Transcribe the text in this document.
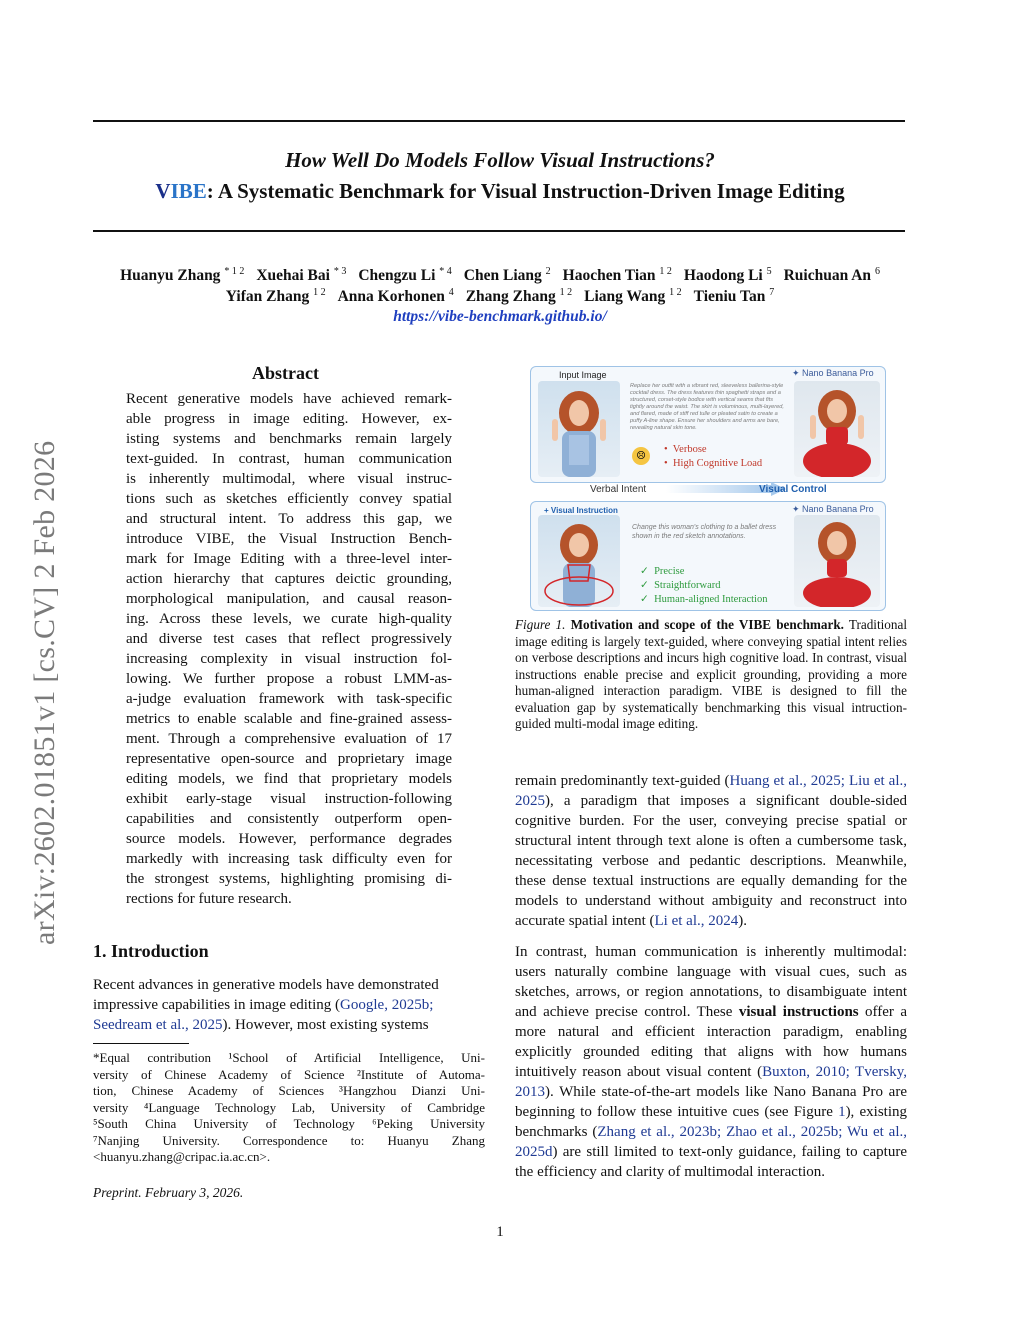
How Well Do Models Follow Visual Instructions?
VIBE: A Systematic Benchmark for Visual Instruction-Driven Image Editing
Huanyu Zhang $^{* 1 2}$ Xuehai Bai $^{* 3}$ Chengzu Li $^{* 4}$ Chen Liang $^2$ Haochen Tian $^{1 2}$ Haodong Li $^5$ Ruichuan An $^6$
Yifan Zhang $^{1 2}$ Anna Korhonen $^4$ Zhang Zhang $^{1 2}$ Liang Wang $^{1 2}$ Tieniu Tan $^7$
https://vibe-benchmark.github.io/
arXiv:2602.01851v1 [cs.CV] 2 Feb 2026
Abstract
Recent generative models have achieved remark-
able progress in image editing. However, ex-
isting systems and benchmarks remain largely
text-guided. In contrast, human communication
is inherently multimodal, where visual instruc-
tions such as sketches efficiently convey spatial
and structural intent. To address this gap, we
introduce VIBE, the Visual Instruction Bench-
mark for Image Editing with a three-level inter-
action hierarchy that captures deictic grounding,
morphological manipulation, and causal reason-
ing. Across these levels, we curate high-quality
and diverse test cases that reflect progressively
increasing complexity in visual instruction fol-
lowing. We further propose a robust LMM-as-
a-judge evaluation framework with task-specific
metrics to enable scalable and fine-grained assess-
ment. Through a comprehensive evaluation of 17
representative open-source and proprietary image
editing models, we find that proprietary models
exhibit early-stage visual instruction-following
capabilities and consistently outperform open-
source models. However, performance degrades
markedly with increasing task difficulty even for
the strongest systems, highlighting promising di-
rections for future research.
1. Introduction
Recent advances in generative models have demonstrated
impressive capabilities in image editing (Google, 2025b;
Seedream et al., 2025). However, most existing systems
*Equal contribution ¹School of Artificial Intelligence, Uni-
versity of Chinese Academy of Science ²Institute of Automa-
tion, Chinese Academy of Sciences ³Hangzhou Dianzi Uni-
versity ⁴Language Technology Lab, University of Cambridge
⁵South China University of Technology ⁶Peking University
⁷Nanjing University. Correspondence to: Huanyu Zhang
<huanyu.zhang@cripac.ia.ac.cn>.
Preprint. February 3, 2026.
Input Image	✦ Nano Banana Pro
Replace her outfit with a vibrant red, sleeveless ballerina-style cocktail dress. The dress features thin spaghetti straps and a structured, corset-style bodice with vertical seams that fits tightly around the waist. The skirt is voluminous, multi-layered, and flared, made of stiff red tulle or pleated satin to create a puffy A-line shape. Ensure her shoulders and arms are bare, revealing natural skin tone.
☹
•  Verbose
•  High Cognitive Load
Verbal Intent	Visual Control
+ Visual Instruction	✦ Nano Banana Pro
Change this woman's clothing to a ballet dress shown in the red sketch annotations.
✓  Precise
✓  Straightforward
✓  Human-aligned Interaction
Figure 1. Motivation and scope of the VIBE benchmark. Traditional image editing is largely text-guided, where conveying spatial intent relies on verbose descriptions and incurs high cognitive load. In contrast, visual instructions enable precise and explicit grounding, providing a more human-aligned interaction paradigm. VIBE is designed to fill the evaluation gap by systematically benchmarking this visual intruction-guided multi-modal image editing.
remain predominantly text-guided (Huang et al., 2025; Liu et al., 2025), a paradigm that imposes a significant double-sided cognitive burden. For the user, conveying precise spatial or structural intent through text alone is often a cumbersome task, necessitating verbose and pedantic descriptions. Meanwhile, these dense textual instructions are equally demanding for the models to understand without ambiguity and reconstruct into accurate spatial intent (Li et al., 2024).
In contrast, human communication is inherently multimodal: users naturally combine language with visual cues, such as sketches, arrows, or region annotations, to disambiguate intent and achieve precise control. These visual instructions offer a more natural and efficient interaction paradigm, enabling explicitly grounded editing that aligns with how humans intuitively reason about visual content (Buxton, 2010; Tversky, 2013). While state-of-the-art models like Nano Banana Pro are beginning to follow these intuitive cues (see Figure 1), existing benchmarks (Zhang et al., 2023b; Zhao et al., 2025b; Wu et al., 2025d) are still limited to text-only guidance, failing to capture the efficiency and clarity of multimodal interaction.
1
